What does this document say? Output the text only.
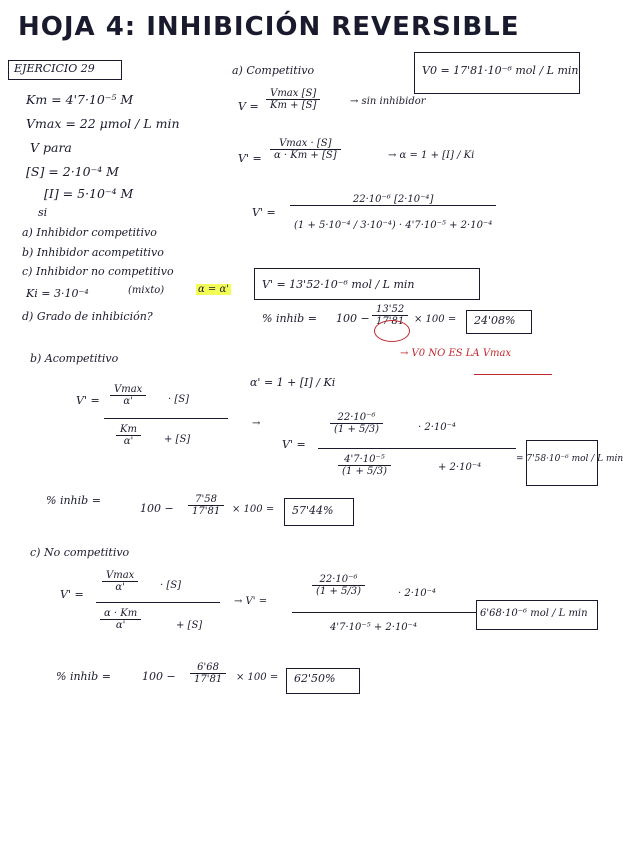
HOJA 4: INHIBICIÓN REVERSIBLE
EJERCICIO 29
Km = 4'7·10⁻⁵ M
Vmax = 22 μmol / L min
V para
[S] = 2·10⁻⁴ M
[I] = 5·10⁻⁴ M
si
a) Inhibidor competitivo
b) Inhibidor acompetitivo
c) Inhibidor no competitivo
Ki = 3·10⁻⁴	(mixto)	α = α'
d) Grado de inhibición?
a) Competitivo	V0 = 17'81·10⁻⁶ mol / L min
V =
Vmax [S]
Km + [S]	→ sin inhibidor
V' =
Vmax · [S]
α · Km + [S]	→ α = 1 + [I] / Ki
$V' = \frac{\text{22·10⁻⁶ [2·10⁻⁴]}}{\text{(1 + 5·10⁻⁴ / 3·10⁻⁴) · 4'7·10⁻⁵ + 2·10⁻⁴}}$
V' = 13'52·10⁻⁶ mol / L min
% inhib = $100 - \frac{13'52}{17'81} \times 100 = 24'08\%$
→ V0 NO ES LA Vmax
b) Acompetitivo
V' =
Vmax
α'	· [S]
$\frac{Km}{\alpha'} + [S]$
α' = 1 + [I] / Ki
→
V' =
$\frac{\text{22·10⁻⁶}}{(1 + 5/3)}$	· 2·10⁻⁴
$\frac{\text{4'7·10⁻⁵}}{(1 + 5/3)}$	+ 2·10⁻⁴
= 7'58·10⁻⁶ mol / L min
% inhib =
$100 - \frac{7'58}{17'81} \times 100 = 57'44\%$
c) No competitivo
V' =
Vmax
α'	· [S]
$\frac{\alpha \cdot Km}{\alpha'}$	+ [S]
→ V' =
$\frac{\text{22·10⁻⁶}}{(1 + 5/3)}$	· 2·10⁻⁴
4'7·10⁻⁵ + 2·10⁻⁴
6'68·10⁻⁶ mol / L min
% inhib =	$100 - \frac{6'68}{17'81} \times 100 = 62'50\%$
